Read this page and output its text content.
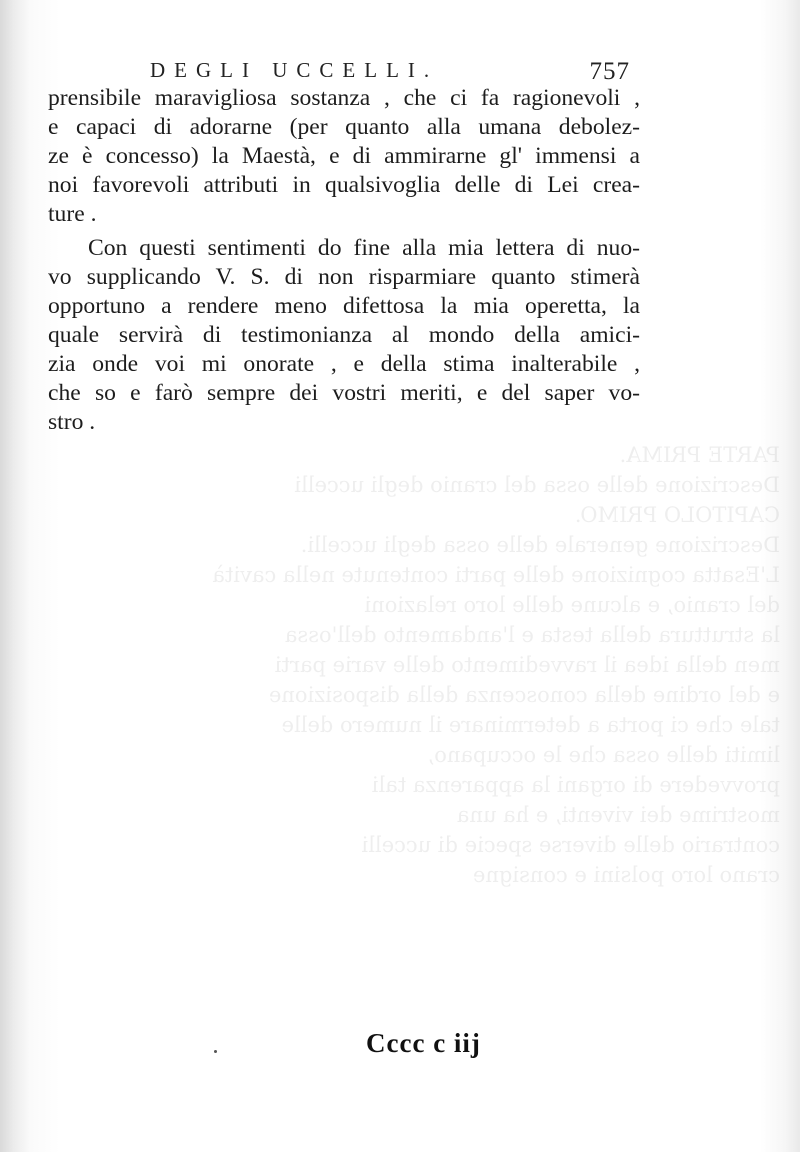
PARTE PRIMA.
Descrizione delle ossa del cranio degli uccelli
CAPITOLO PRIMO.
Descrizione generale delle ossa degli uccelli.
L'Esatta cognizione delle parti contenute nella cavità
del cranio, e alcune delle loro relazioni
la struttura della testa e l'andamento dell'ossa
men della idea il ravvedimento delle varie parti
e del ordine della conoscenza della disposizione
tale che ci porta a determinare il numero delle
limiti delle ossa che le occupano,
provvedere di organi la apparenza tali
mostrime dei viventi, e ha una
contrario delle diverse specie di uccelli
crano loro polsini e consigne
DEGLI UCCELLI.	757
prensibile maravigliosa sostanza , che ci fa ragionevoli ,
e capaci di adorarne (per quanto alla umana debolez-
ze è concesso) la Maestà, e di ammirarne gl' immensi a
noi favorevoli attributi in qualsivoglia delle di Lei crea-
ture .
Con questi sentimenti do fine alla mia lettera di nuo-
vo supplicando V. S. di non risparmiare quanto stimerà
opportuno a rendere meno difettosa la mia operetta, la
quale servirà di testimonianza al mondo della amici-
zia onde voi mi onorate , e della stima inalterabile ,
che so e farò sempre dei vostri meriti, e del saper vo-
stro .
Cccc c iij
